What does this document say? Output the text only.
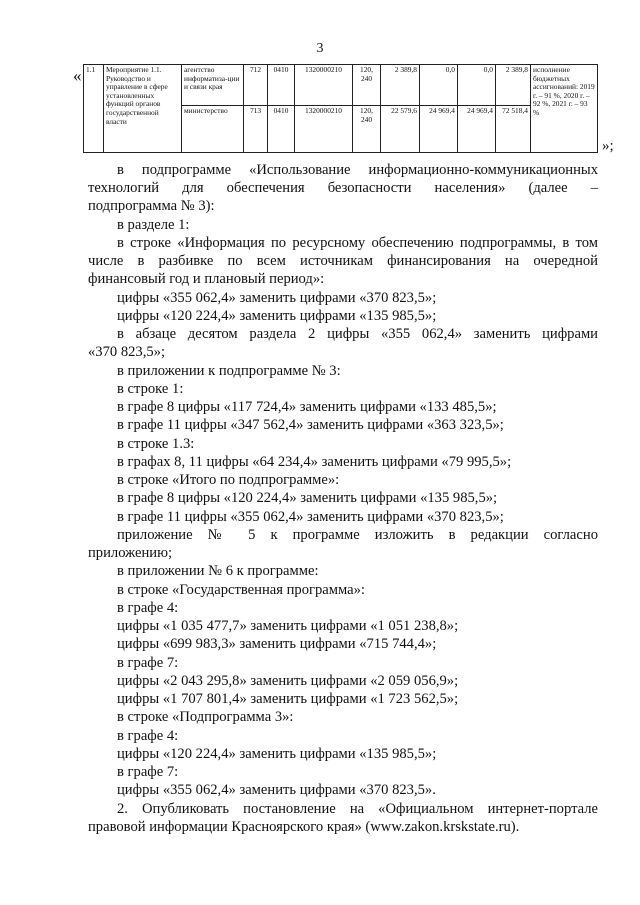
3
« 1.1	Мероприятие 1.1. Руководство и управление в сфере установленных функций органов государственной власти	агентство информатиза-ции и связи края	712	0410	1320000210	120, 240	2 389,8	0,0	0,0	2 389,8	исполнение бюджетных ассигнований: 2019 г. – 91 %, 2020 г. – 92 %, 2021 г. – 93 %
		министерство	713	0410	1320000210	120, 240	22 579,6	24 969,4	24 969,4	72 518,4	
»;
в подпрограмме «Использование информационно-коммуникационных
технологий для обеспечения безопасности населения» (далее –
подпрограмма № 3):
в разделе 1:
в строке «Информация по ресурсному обеспечению подпрограммы, в том
числе в разбивке по всем источникам финансирования на очередной
финансовый год и плановый период»:
цифры «355 062,4» заменить цифрами «370 823,5»;
цифры «120 224,4» заменить цифрами «135 985,5»;
в абзаце десятом раздела 2 цифры «355 062,4» заменить цифрами
«370 823,5»;
в приложении к подпрограмме № 3:
в строке 1:
в графе 8 цифры «117 724,4» заменить цифрами «133 485,5»;
в графе 11 цифры «347 562,4» заменить цифрами «363 323,5»;
в строке 1.3:
в графах 8, 11 цифры «64 234,4» заменить цифрами «79 995,5»;
в строке «Итого по подпрограмме»:
в графе 8 цифры «120 224,4» заменить цифрами «135 985,5»;
в графе 11 цифры «355 062,4» заменить цифрами «370 823,5»;
приложение № 5 к программе изложить в редакции согласно
приложению;
в приложении № 6 к программе:
в строке «Государственная программа»:
в графе 4:
цифры «1 035 477,7» заменить цифрами «1 051 238,8»;
цифры «699 983,3» заменить цифрами «715 744,4»;
в графе 7:
цифры «2 043 295,8» заменить цифрами «2 059 056,9»;
цифры «1 707 801,4» заменить цифрами «1 723 562,5»;
в строке «Подпрограмма 3»:
в графе 4:
цифры «120 224,4» заменить цифрами «135 985,5»;
в графе 7:
цифры «355 062,4» заменить цифрами «370 823,5».
2. Опубликовать постановление на «Официальном интернет-портале
правовой информации Красноярского края» (www.zakon.krskstate.ru).
